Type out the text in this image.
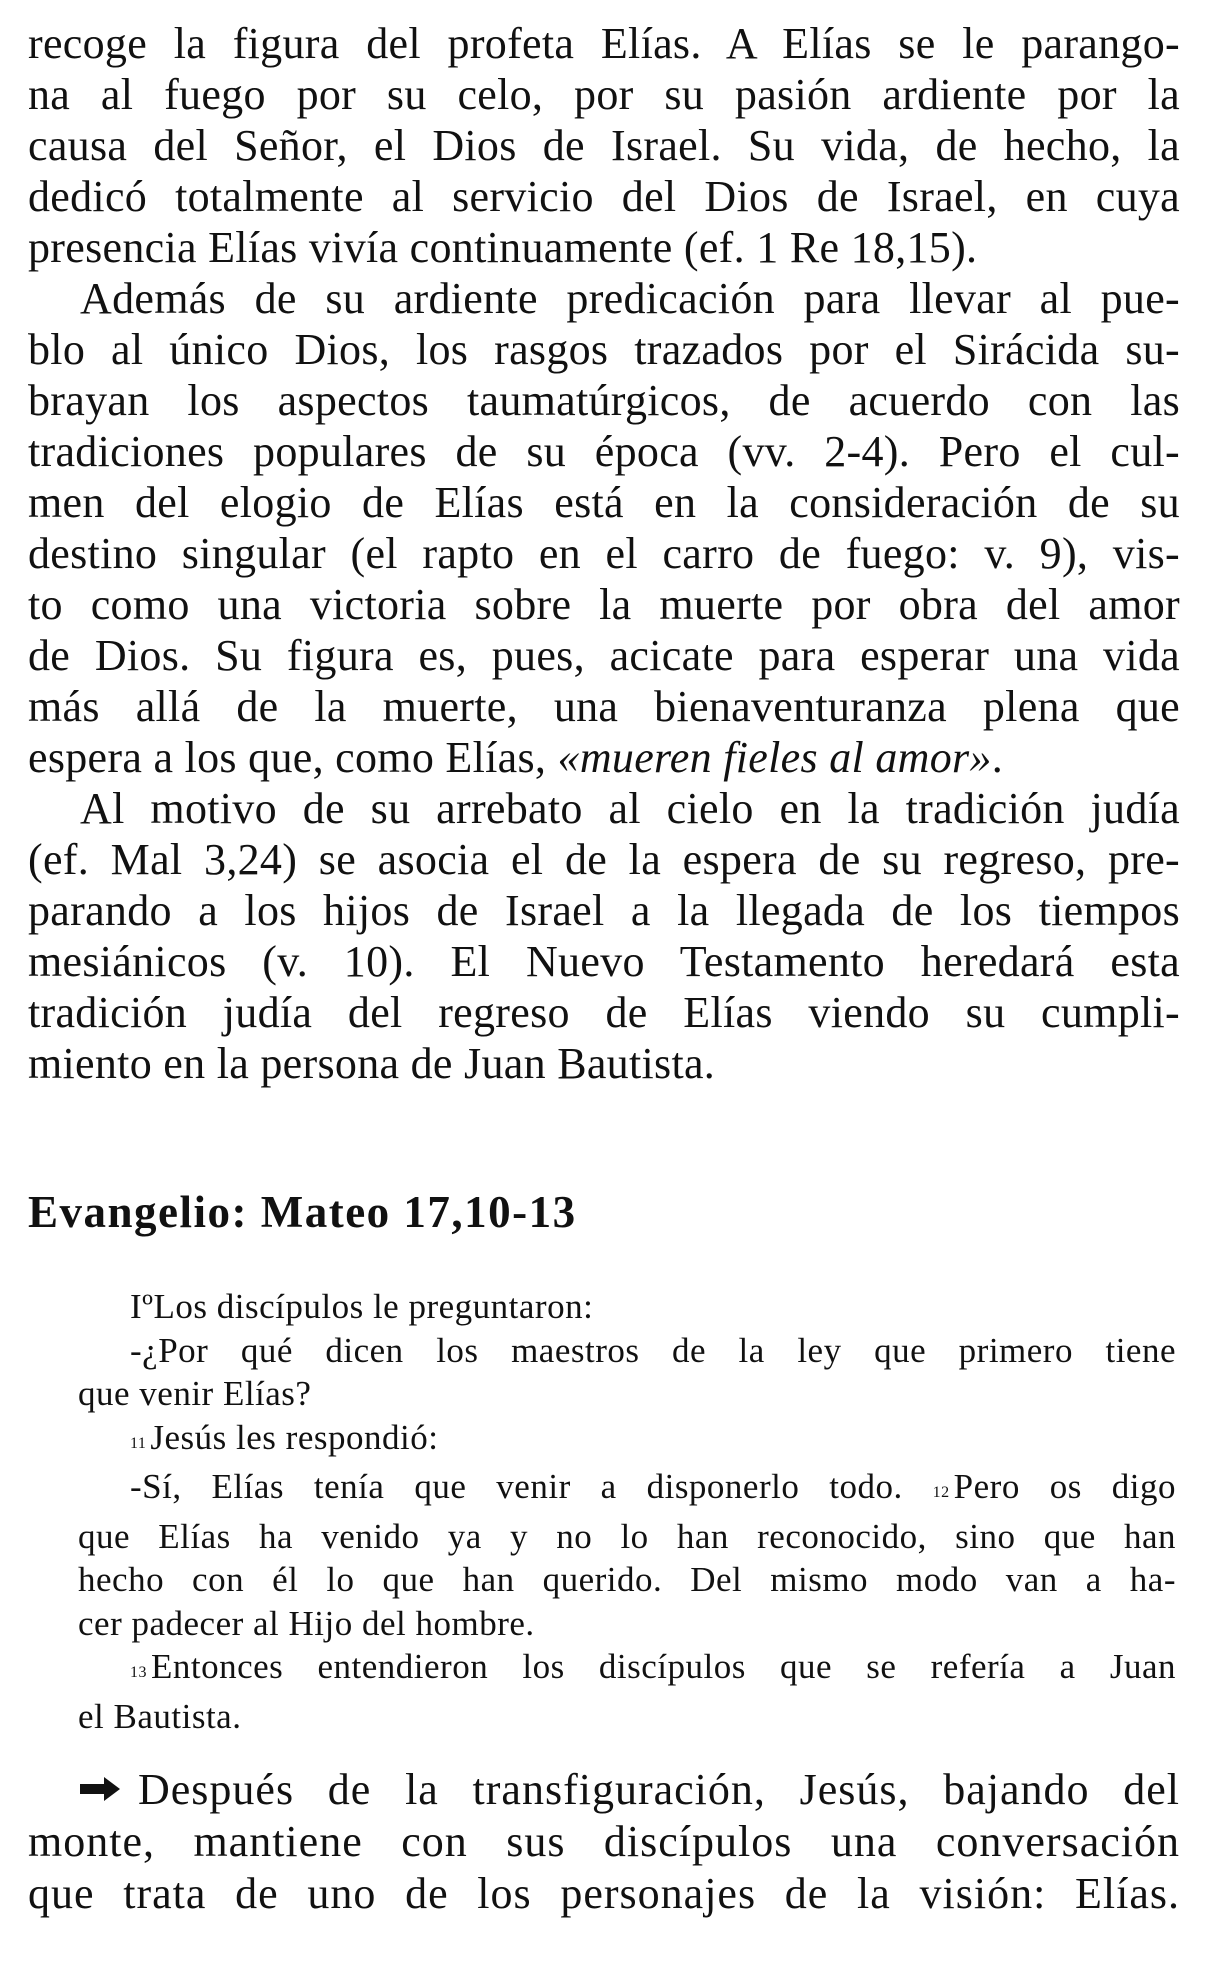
recoge la figura del profeta Elías. A Elías se le parango-
na al fuego por su celo, por su pasión ardiente por la
causa del Señor, el Dios de Israel. Su vida, de hecho, la
dedicó totalmente al servicio del Dios de Israel, en cuya
presencia Elías vivía continuamente (ef. 1 Re 18,15).

Además de su ardiente predicación para llevar al pue-
blo al único Dios, los rasgos trazados por el Sirácida su-
brayan los aspectos taumatúrgicos, de acuerdo con las
tradiciones populares de su época (vv. 2-4). Pero el cul-
men del elogio de Elías está en la consideración de su
destino singular (el rapto en el carro de fuego: v. 9), vis-
to como una victoria sobre la muerte por obra del amor
de Dios. Su figura es, pues, acicate para esperar una vida
más allá de la muerte, una bienaventuranza plena que
espera a los que, como Elías, «mueren fieles al amor».

Al motivo de su arrebato al cielo en la tradición judía
(ef. Mal 3,24) se asocia el de la espera de su regreso, pre-
parando a los hijos de Israel a la llegada de los tiempos
mesiánicos (v. 10). El Nuevo Testamento heredará esta
tradición judía del regreso de Elías viendo su cumpli-
miento en la persona de Juan Bautista.

Evangelio: Mateo 17,10-13
IºLos discípulos le preguntaron:
-¿Por qué dicen los maestros de la ley que primero tiene
que venir Elías?
11 Jesús les respondió:
-Sí, Elías tenía que venir a disponerlo todo. 12 Pero os digo
que Elías ha venido ya y no lo han reconocido, sino que han
hecho con él lo que han querido. Del mismo modo van a ha-
cer padecer al Hijo del hombre.
13 Entonces entendieron los discípulos que se refería a Juan
el Bautista.
Después de la transfiguración, Jesús, bajando del
monte, mantiene con sus discípulos una conversación
que trata de uno de los personajes de la visión: Elías.
